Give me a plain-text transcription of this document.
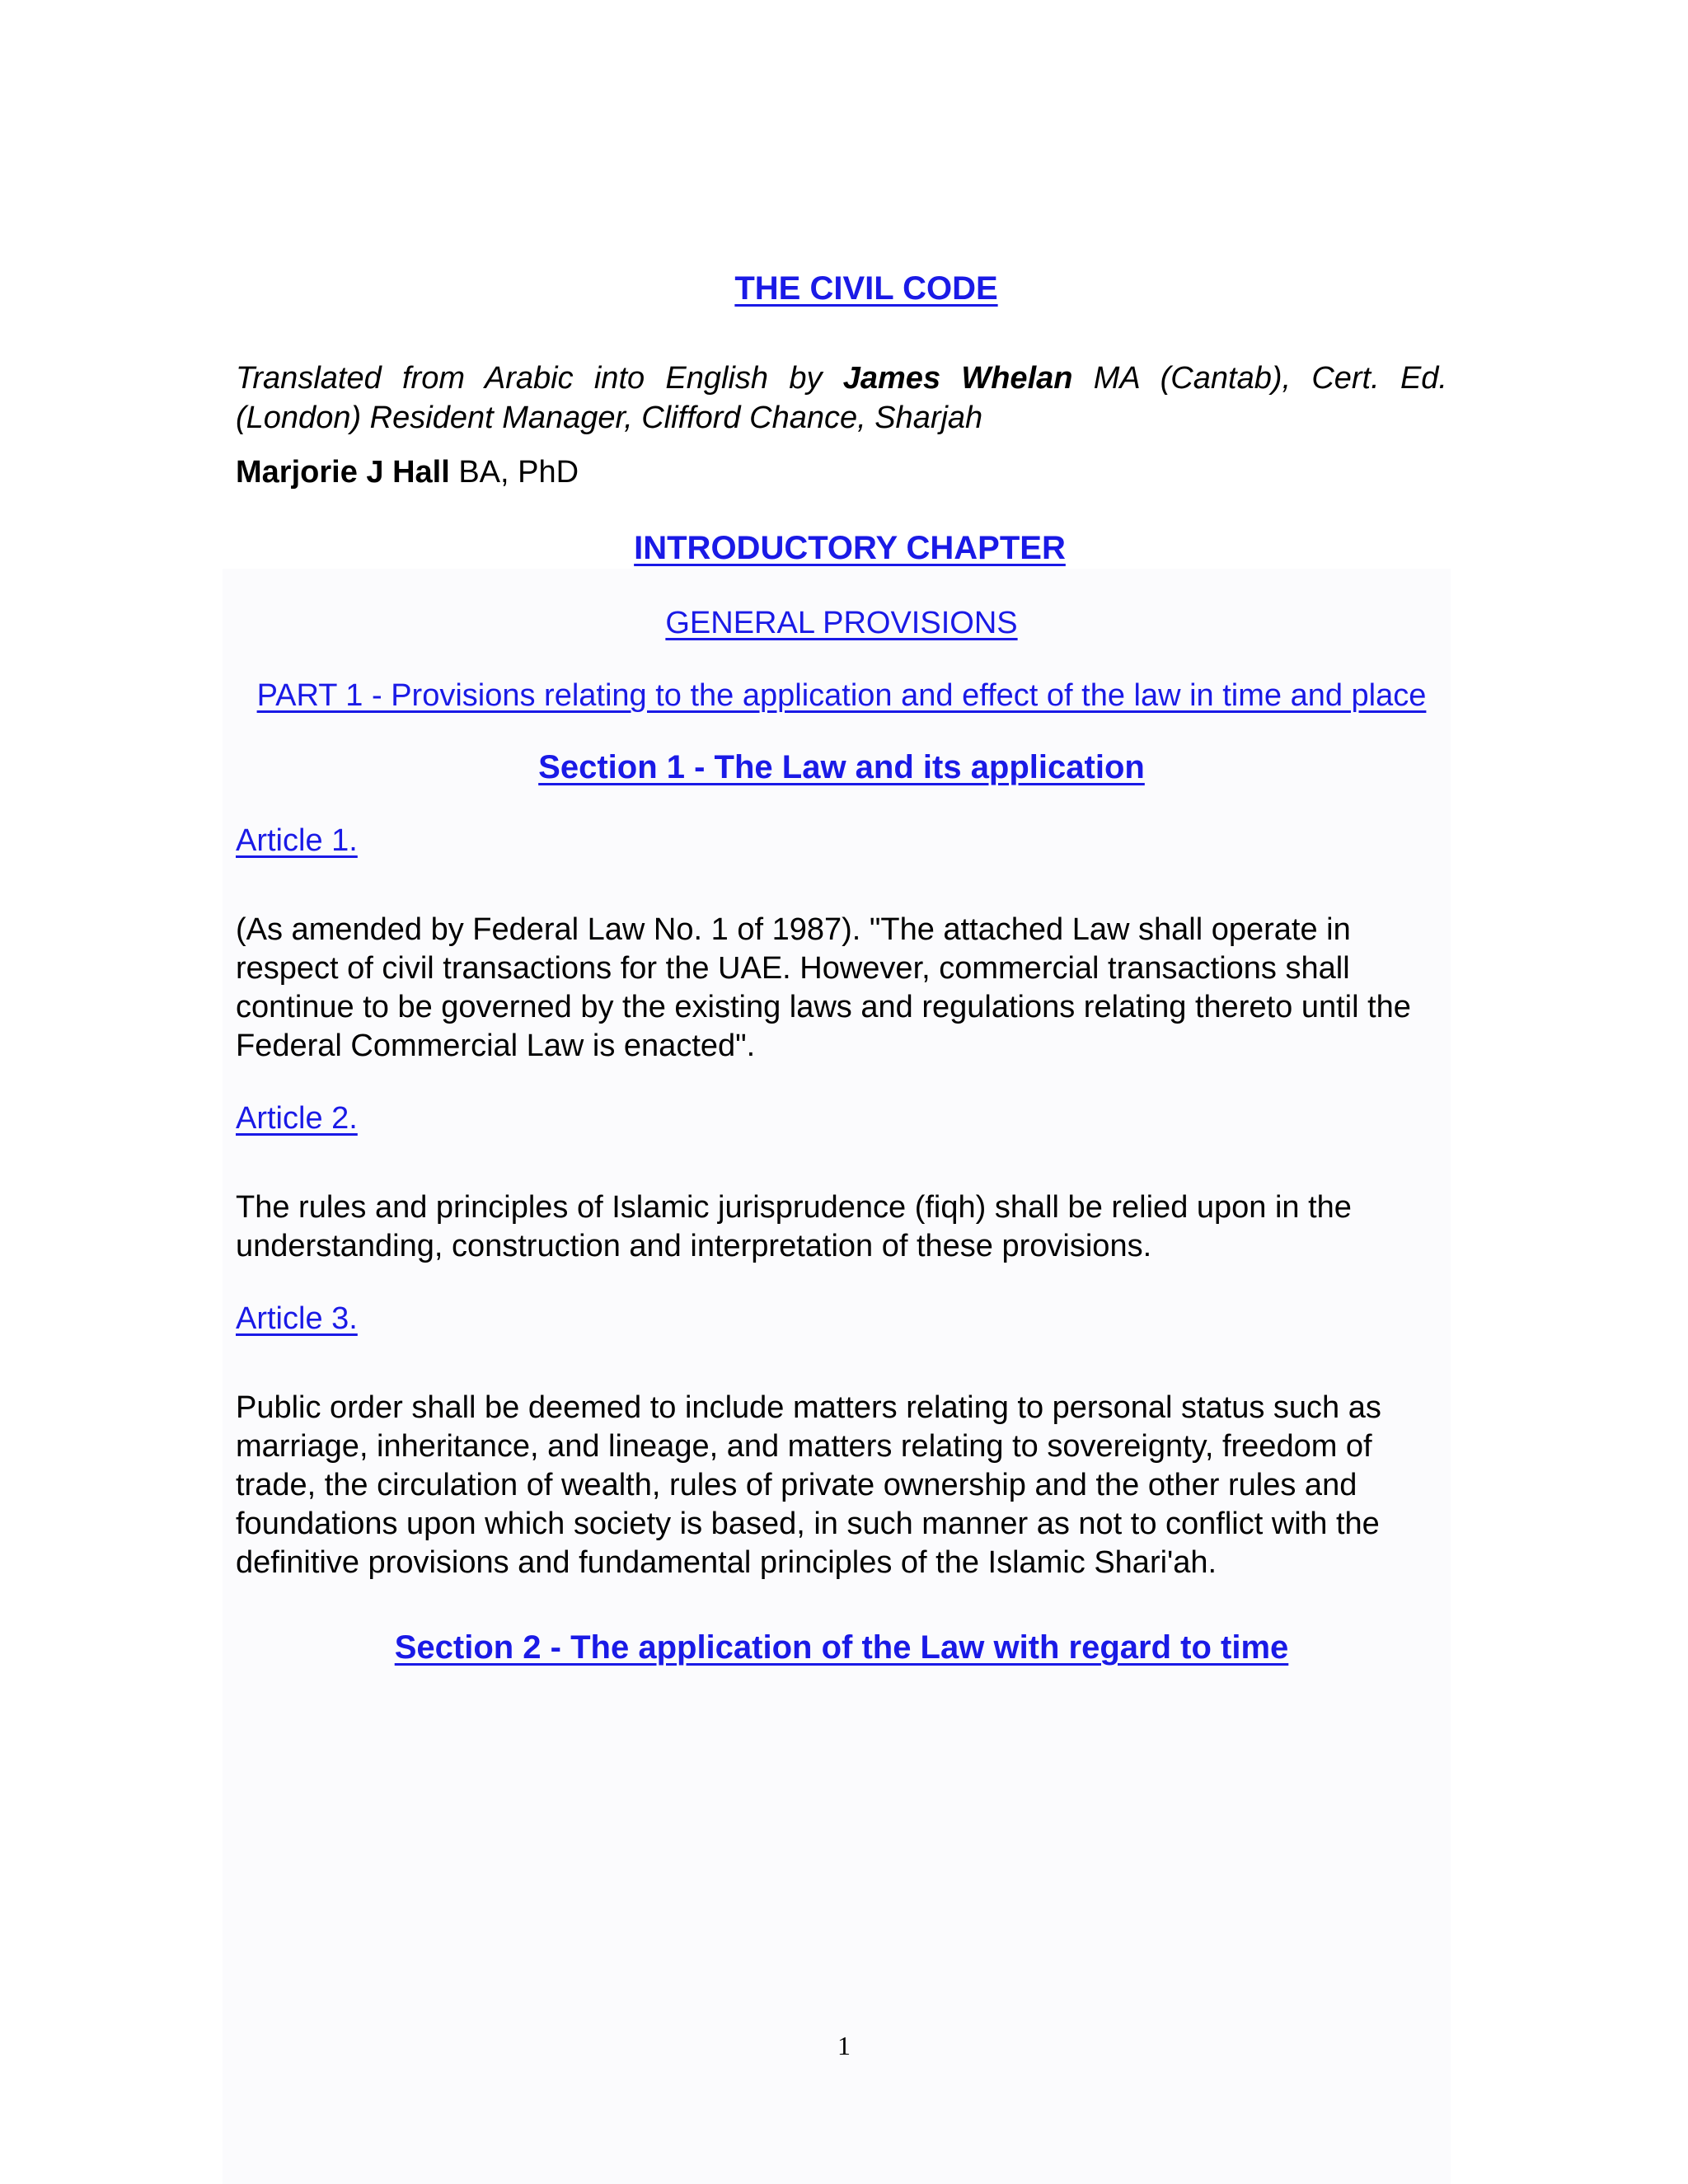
THE CIVIL CODE
Translated from Arabic into English by James Whelan MA (Cantab), Cert. Ed. (London) Resident Manager, Clifford Chance, Sharjah
Marjorie J Hall BA, PhD
INTRODUCTORY CHAPTER
GENERAL PROVISIONS
PART 1 - Provisions relating to the application and effect of the law in time and place
Section 1 - The Law and its application
Article 1.
(As amended by Federal Law No. 1 of 1987). "The attached Law shall operate in respect of civil transactions for the UAE. However, commercial transactions shall continue to be governed by the existing laws and regulations relating thereto until the Federal Commercial Law is enacted".
Article 2.
The rules and principles of Islamic jurisprudence (fiqh) shall be relied upon in the understanding, construction and interpretation of these provisions.
Article 3.
Public order shall be deemed to include matters relating to personal status such as marriage, inheritance, and lineage, and matters relating to sovereignty, freedom of trade, the circulation of wealth, rules of private ownership and the other rules and foundations upon which society is based, in such manner as not to conflict with the definitive provisions and fundamental principles of the Islamic Shari'ah.
Section 2 - The application of the Law with regard to time
1
